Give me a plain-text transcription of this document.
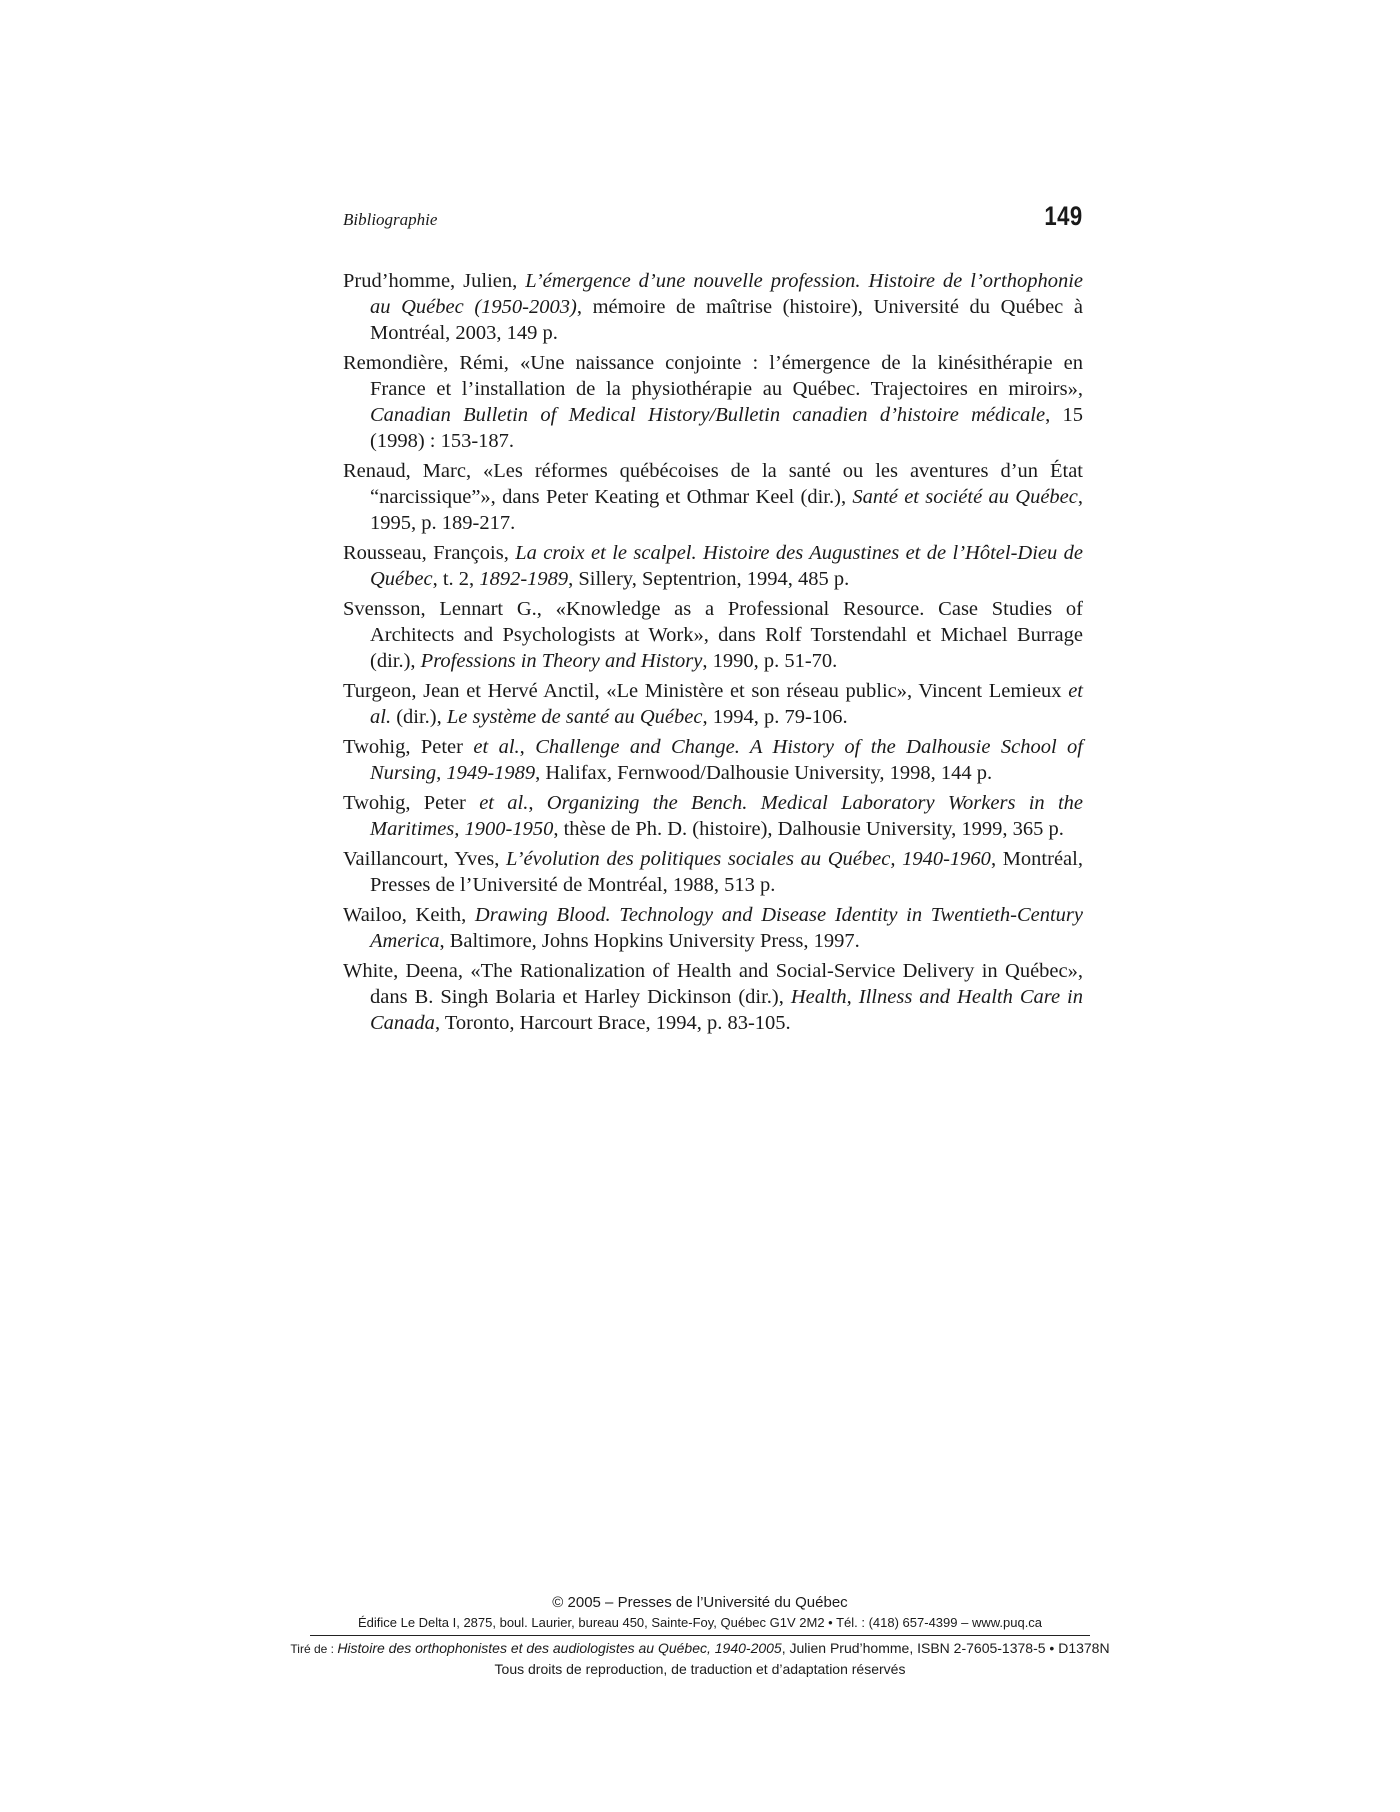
Bibliographie	149

Prud’homme, Julien, L’émergence d’une nouvelle profession. Histoire de l’orthophonie au Québec (1950-2003), mémoire de maîtrise (histoire), Université du Québec à Montréal, 2003, 149 p.

Remondière, Rémi, «Une naissance conjointe : l’émergence de la kinésithérapie en France et l’installation de la physiothérapie au Québec. Trajectoires en miroirs», Canadian Bulletin of Medical History/Bulletin canadien d’histoire médicale, 15 (1998) : 153-187.

Renaud, Marc, «Les réformes québécoises de la santé ou les aventures d’un État “narcissique”», dans Peter Keating et Othmar Keel (dir.), Santé et société au Québec, 1995, p. 189-217.

Rousseau, François, La croix et le scalpel. Histoire des Augustines et de l’Hôtel-Dieu de Québec, t. 2, 1892-1989, Sillery, Septentrion, 1994, 485 p.

Svensson, Lennart G., «Knowledge as a Professional Resource. Case Studies of Architects and Psychologists at Work», dans Rolf Torstendahl et Michael Burrage (dir.), Professions in Theory and History, 1990, p. 51-70.

Turgeon, Jean et Hervé Anctil, «Le Ministère et son réseau public», Vincent Lemieux et al. (dir.), Le système de santé au Québec, 1994, p. 79-106.

Twohig, Peter et al., Challenge and Change. A History of the Dalhousie School of Nursing, 1949-1989, Halifax, Fernwood/Dalhousie University, 1998, 144 p.

Twohig, Peter et al., Organizing the Bench. Medical Laboratory Workers in the Maritimes, 1900-1950, thèse de Ph. D. (histoire), Dalhousie University, 1999, 365 p.

Vaillancourt, Yves, L’évolution des politiques sociales au Québec, 1940-1960, Montréal, Presses de l’Université de Montréal, 1988, 513 p.

Wailoo, Keith, Drawing Blood. Technology and Disease Identity in Twentieth-Century America, Baltimore, Johns Hopkins University Press, 1997.

White, Deena, «The Rationalization of Health and Social-Service Delivery in Québec», dans B. Singh Bolaria et Harley Dickinson (dir.), Health, Illness and Health Care in Canada, Toronto, Harcourt Brace, 1994, p. 83-105.

© 2005 – Presses de l’Université du Québec
Édifice Le Delta I, 2875, boul. Laurier, bureau 450, Sainte-Foy, Québec G1V 2M2 • Tél. : (418) 657-4399 – www.puq.ca
Tiré de : Histoire des orthophonistes et des audiologistes au Québec, 1940-2005, Julien Prud’homme, ISBN 2-7605-1378-5 • D1378N
Tous droits de reproduction, de traduction et d’adaptation réservés
